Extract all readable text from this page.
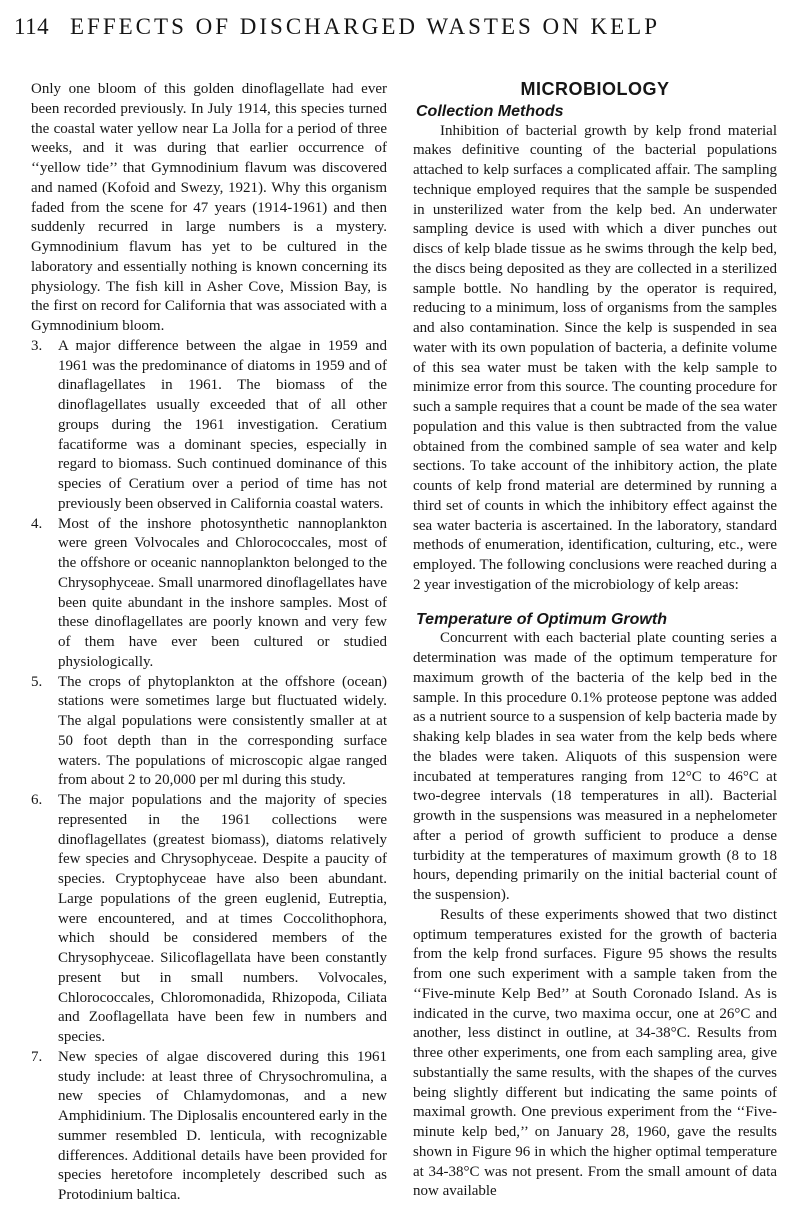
114 EFFECTS OF DISCHARGED WASTES ON KELP

Only one bloom of this golden dinoflagellate had ever been recorded previously. In July 1914, this species turned the coastal water yellow near La Jolla for a period of three weeks, and it was during that earlier occurrence of ‘‘yellow tide’’ that Gymnodinium flavum was discovered and named (Kofoid and Swezy, 1921). Why this organism faded from the scene for 47 years (1914-1961) and then suddenly recurred in large numbers is a mystery. Gymnodinium flavum has yet to be cultured in the laboratory and essentially nothing is known concerning its physiology. The fish kill in Asher Cove, Mission Bay, is the first on record for California that was associated with a Gymnodinium bloom.

3. A major difference between the algae in 1959 and 1961 was the predominance of diatoms in 1959 and of dinaflagellates in 1961. The biomass of the dinoflagellates usually exceeded that of all other groups during the 1961 investigation. Ceratium facatiforme was a dominant species, especially in regard to biomass. Such continued dominance of this species of Ceratium over a period of time has not previously been observed in California coastal waters.

4. Most of the inshore photosynthetic nannoplankton were green Volvocales and Chlorococcales, most of the offshore or oceanic nannoplankton belonged to the Chrysophyceae. Small unarmored dinoflagellates have been quite abundant in the inshore samples. Most of these dinoflagellates are poorly known and very few of them have ever been cultured or studied physiologically.

5. The crops of phytoplankton at the offshore (ocean) stations were sometimes large but fluctuated widely. The algal populations were consistently smaller at at 50 foot depth than in the corresponding surface waters. The populations of microscopic algae ranged from about 2 to 20,000 per ml during this study.

6. The major populations and the majority of species represented in the 1961 collections were dinoflagellates (greatest biomass), diatoms relatively few species and Chrysophyceae. Despite a paucity of species. Cryptophyceae have also been abundant. Large populations of the green euglenid, Eutreptia, were encountered, and at times Coccolithophora, which should be considered members of the Chrysophyceae. Silicoflagellata have been constantly present but in small numbers. Volvocales, Chlorococcales, Chloromonadida, Rhizopoda, Ciliata and Zooflagellata have been few in numbers and species.

7. New species of algae discovered during this 1961 study include: at least three of Chrysochromulina, a new species of Chlamydomonas, and a new Amphidinium. The Diplosalis encountered early in the summer resembled D. lenticula, with recognizable differences. Additional details have been provided for species heretofore incompletely described such as Protodinium baltica.

MICROBIOLOGY
Collection Methods

Inhibition of bacterial growth by kelp frond material makes definitive counting of the bacterial populations attached to kelp surfaces a complicated affair. The sampling technique employed requires that the sample be suspended in unsterilized water from the kelp bed. An underwater sampling device is used with which a diver punches out discs of kelp blade tissue as he swims through the kelp bed, the discs being deposited as they are collected in a sterilized sample bottle. No handling by the operator is required, reducing to a minimum, loss of organisms from the samples and also contamination. Since the kelp is suspended in sea water with its own population of bacteria, a definite volume of this sea water must be taken with the kelp sample to minimize error from this source. The counting procedure for such a sample requires that a count be made of the sea water population and this value is then subtracted from the value obtained from the combined sample of sea water and kelp sections. To take account of the inhibitory action, the plate counts of kelp frond material are determined by running a third set of counts in which the inhibitory effect against the sea water bacteria is ascertained. In the laboratory, standard methods of enumeration, identification, culturing, etc., were employed. The following conclusions were reached during a 2 year investigation of the microbiology of kelp areas:

Temperature of Optimum Growth

Concurrent with each bacterial plate counting series a determination was made of the optimum temperature for maximum growth of the bacteria of the kelp bed in the sample. In this procedure 0.1% proteose peptone was added as a nutrient source to a suspension of kelp bacteria made by shaking kelp blades in sea water from the kelp beds where the blades were taken. Aliquots of this suspension were incubated at temperatures ranging from 12°C to 46°C at two-degree intervals (18 temperatures in all). Bacterial growth in the suspensions was measured in a nephelometer after a period of growth sufficient to produce a dense turbidity at the temperatures of maximum growth (8 to 18 hours, depending primarily on the initial bacterial count of the suspension).

Results of these experiments showed that two distinct optimum temperatures existed for the growth of bacteria from the kelp frond surfaces. Figure 95 shows the results from one such experiment with a sample taken from the ‘‘Five-minute Kelp Bed’’ at South Coronado Island. As is indicated in the curve, two maxima occur, one at 26°C and another, less distinct in outline, at 34-38°C. Results from three other experiments, one from each sampling area, give substantially the same results, with the shapes of the curves being slightly different but indicating the same points of maximal growth. One previous experiment from the ‘‘Five-minute kelp bed,’’ on January 28, 1960, gave the results shown in Figure 96 in which the higher optimal temperature at 34-38°C was not present. From the small amount of data now available
